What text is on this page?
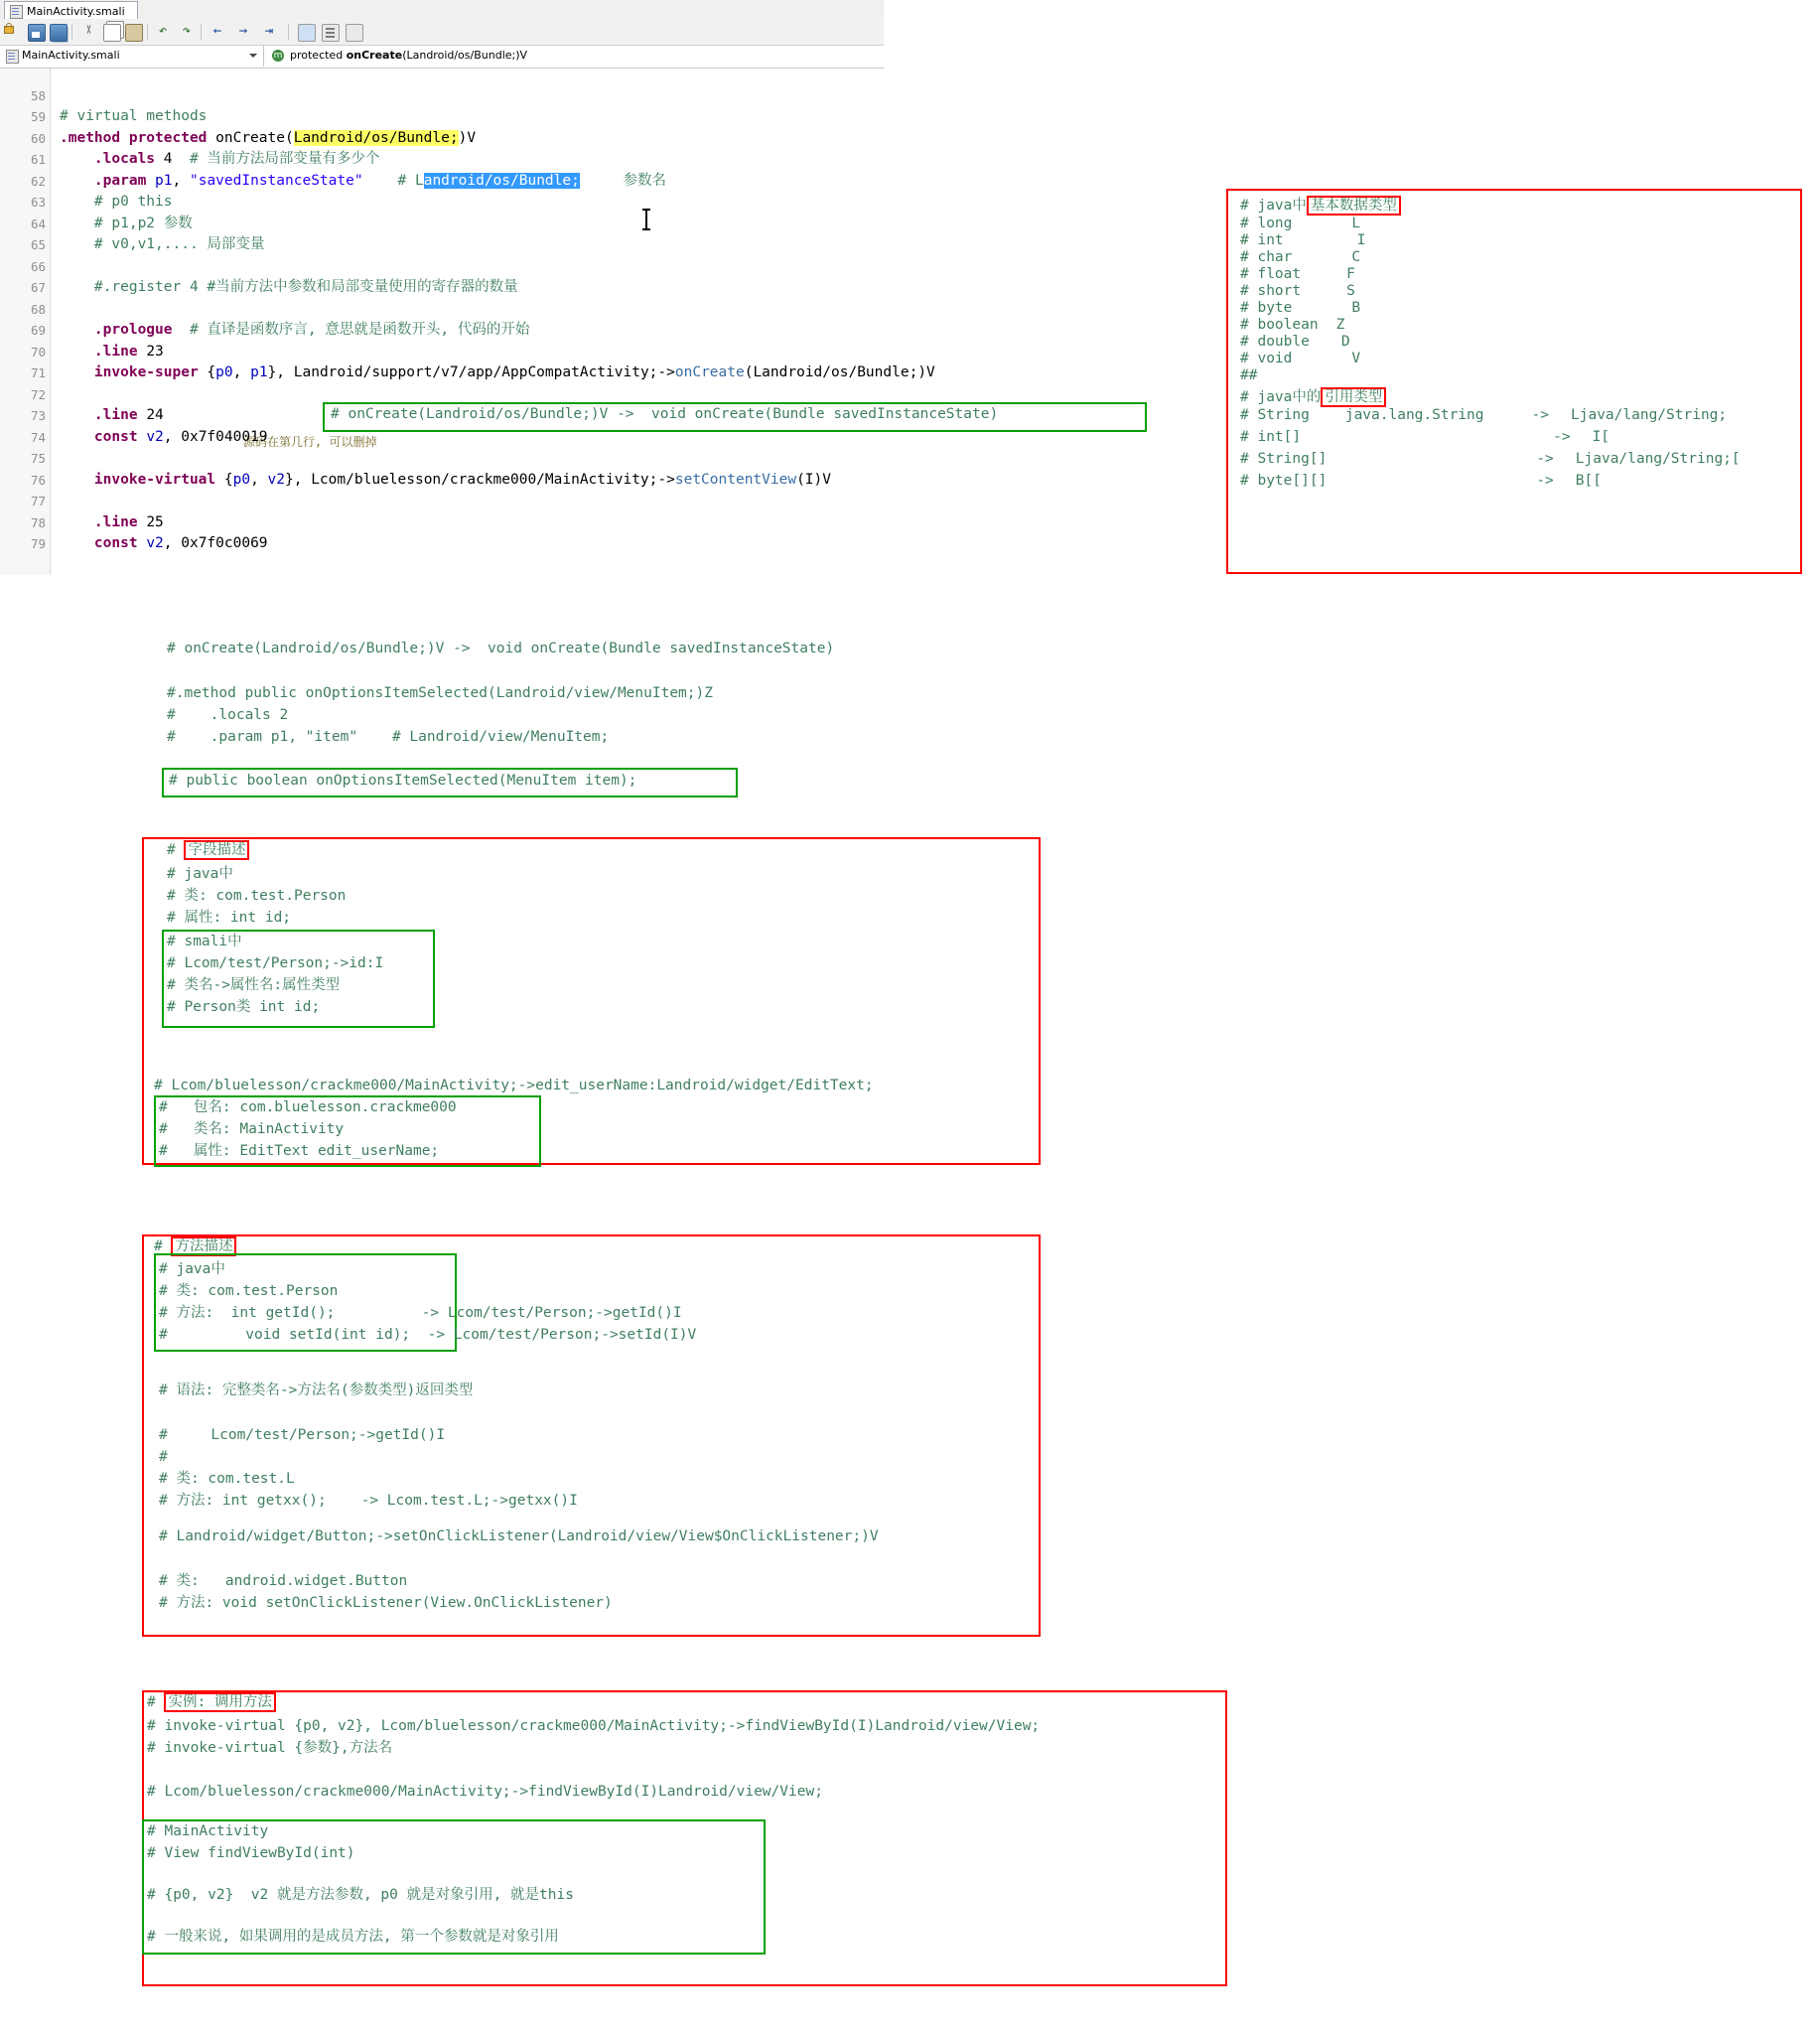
MainActivity.smali
↶ ↷	←	→	⇥
MainActivity.smali	m protected onCreate(Landroid/os/Bundle;)V

58

59

# virtual methods

60

.method protected onCreate(Landroid/os/Bundle;)V

61

.locals 4 # 当前方法局部变量有多少个

62

.param p1, "savedInstanceState" # Landroid/os/Bundle;	参数名

63

# p0 this

64

# p1,p2 参数

65

# v0,v1,.... 局部变量

66

67

#.register 4 #当前方法中参数和局部变量使用的寄存器的数量

68

69

.prologue # 直译是函数序言, 意思就是函数开头, 代码的开始

70

.line 23

源码在第几行, 可以删掉

71

invoke-super {p0, p1}, Landroid/support/v7/app/AppCompatActivity;->onCreate(Landroid/os/Bundle;)V

72

73

.line 24

74

const v2, 0x7f040019

75

76

invoke-virtual {p0, v2}, Lcom/bluelesson/crackme000/MainActivity;->setContentView(I)V

77

78

.line 25

79

const v2, 0x7f0c0069

# onCreate(Landroid/os/Bundle;)V ->  void onCreate(Bundle savedInstanceState)
# java中 基本数据类型
# long	L
# int	I
# char	C
# float	F
# short	S
# byte	B
# boolean Z
# double D
# void	V
##
# java中的 引用类型
# String java.lang.String	-> Ljava/lang/String;
# int[]	-> I[
# String[]	-> Ljava/lang/String;[
# byte[][]	-> B[[
# onCreate(Landroid/os/Bundle;)V ->  void onCreate(Bundle savedInstanceState)
#.method public onOptionsItemSelected(Landroid/view/MenuItem;)Z
#    .locals 2
#    .param p1, "item"    # Landroid/view/MenuItem;
# public boolean onOptionsItemSelected(MenuItem item);
# 字段描述
# java中
# 类: com.test.Person
# 属性: int id;
# smali中
# Lcom/test/Person;->id:I
# 类名->属性名:属性类型
# Person类 int id;
# Lcom/bluelesson/crackme000/MainActivity;->edit_userName:Landroid/widget/EditText;
#   包名: com.bluelesson.crackme000
#   类名: MainActivity
#   属性: EditText edit_userName;
# 方法描述
# java中
# 类: com.test.Person
# 方法:  int getId();          -> Lcom/test/Person;->getId()I
#         void setId(int id);  -> Lcom/test/Person;->setId(I)V
# 语法: 完整类名->方法名(参数类型)返回类型
#     Lcom/test/Person;->getId()I
#
# 类: com.test.L
# 方法: int getxx();    -> Lcom.test.L;->getxx()I
# Landroid/widget/Button;->setOnClickListener(Landroid/view/View$OnClickListener;)V
# 类:   android.widget.Button
# 方法: void setOnClickListener(View.OnClickListener)
# 实例: 调用方法
# invoke-virtual {p0, v2}, Lcom/bluelesson/crackme000/MainActivity;->findViewById(I)Landroid/view/View;
# invoke-virtual {参数},方法名
# Lcom/bluelesson/crackme000/MainActivity;->findViewById(I)Landroid/view/View;
# MainActivity
# View findViewById(int)
# {p0, v2}  v2 就是方法参数, p0 就是对象引用, 就是this
# 一般来说, 如果调用的是成员方法, 第一个参数就是对象引用
